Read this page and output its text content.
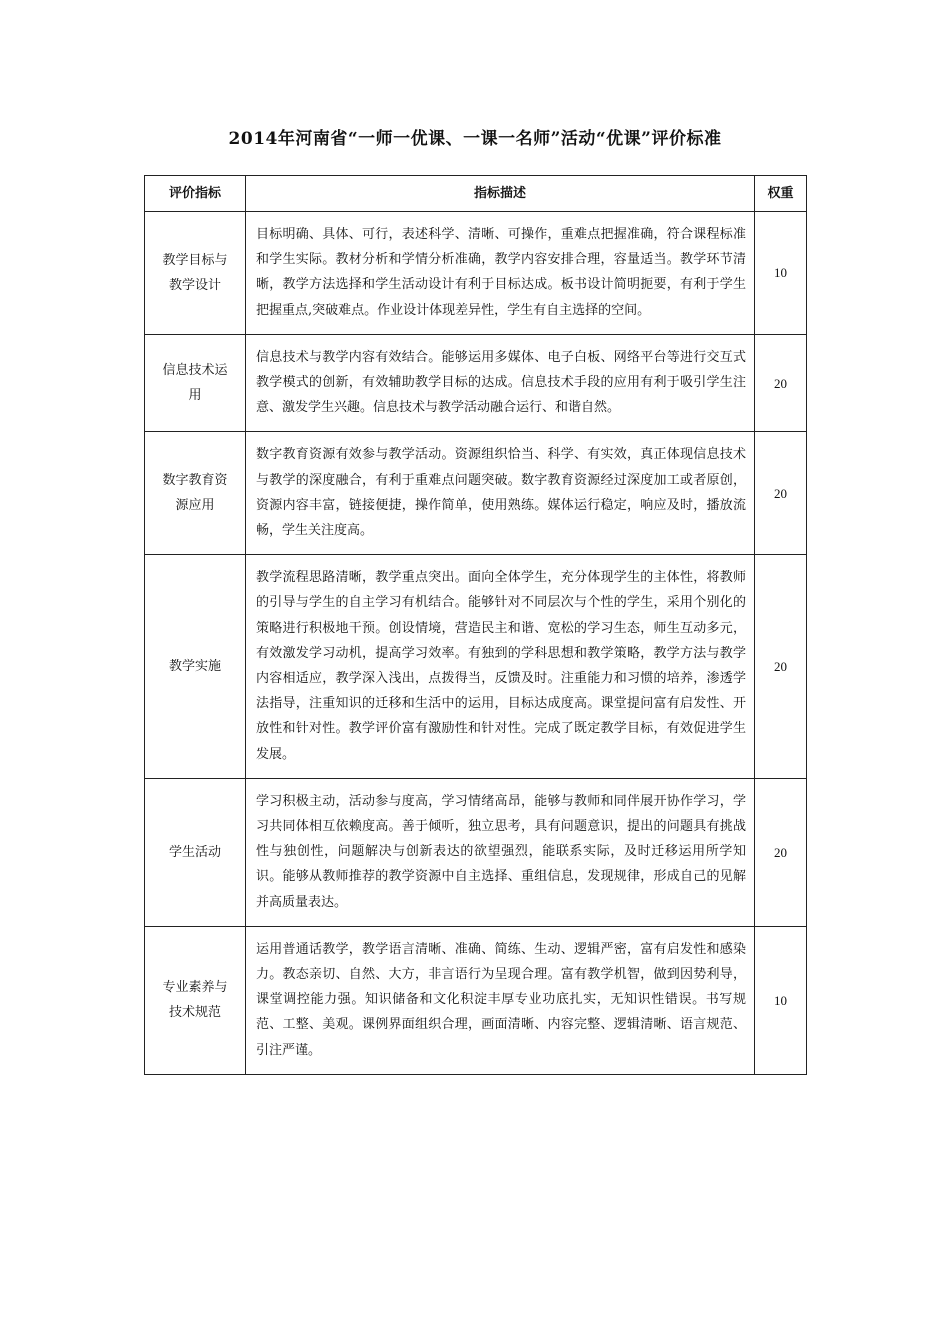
2014年河南省“一师一优课、一课一名师”活动“优课”评价标准
评价指标	指标描述	权重
教学目标与教学设计	目标明确、具体、可行，表述科学、清晰、可操作，重难点把握准确，符合课程标准和学生实际。教材分析和学情分析准确，教学内容安排合理，容量适当。教学环节清晰，教学方法选择和学生活动设计有利于目标达成。板书设计简明扼要，有利于学生把握重点,突破难点。作业设计体现差异性，学生有自主选择的空间。	10
信息技术运用	信息技术与教学内容有效结合。能够运用多媒体、电子白板、网络平台等进行交互式教学模式的创新，有效辅助教学目标的达成。信息技术手段的应用有利于吸引学生注意、激发学生兴趣。信息技术与教学活动融合运行、和谐自然。	20
数字教育资源应用	数字教育资源有效参与教学活动。资源组织恰当、科学、有实效，真正体现信息技术与教学的深度融合，有利于重难点问题突破。数字教育资源经过深度加工或者原创，资源内容丰富，链接便捷，操作简单，使用熟练。媒体运行稳定，响应及时，播放流畅，学生关注度高。	20
教学实施	教学流程思路清晰，教学重点突出。面向全体学生，充分体现学生的主体性，将教师的引导与学生的自主学习有机结合。能够针对不同层次与个性的学生，采用个别化的策略进行积极地干预。创设情境，营造民主和谐、宽松的学习生态，师生互动多元，有效激发学习动机，提高学习效率。有独到的学科思想和教学策略，教学方法与教学内容相适应，教学深入浅出，点拨得当，反馈及时。注重能力和习惯的培养，渗透学法指导，注重知识的迁移和生活中的运用，目标达成度高。课堂提问富有启发性、开放性和针对性。教学评价富有激励性和针对性。完成了既定教学目标，有效促进学生发展。	20
学生活动	学习积极主动，活动参与度高，学习情绪高昂，能够与教师和同伴展开协作学习，学习共同体相互依赖度高。善于倾听，独立思考，具有问题意识，提出的问题具有挑战性与独创性，问题解决与创新表达的欲望强烈，能联系实际，及时迁移运用所学知识。能够从教师推荐的教学资源中自主选择、重组信息，发现规律，形成自己的见解并高质量表达。	20
专业素养与技术规范	运用普通话教学，教学语言清晰、准确、简练、生动、逻辑严密，富有启发性和感染力。教态亲切、自然、大方，非言语行为呈现合理。富有教学机智，做到因势利导，课堂调控能力强。知识储备和文化积淀丰厚专业功底扎实，无知识性错误。书写规范、工整、美观。课例界面组织合理，画面清晰、内容完整、逻辑清晰、语言规范、引注严谨。	10
